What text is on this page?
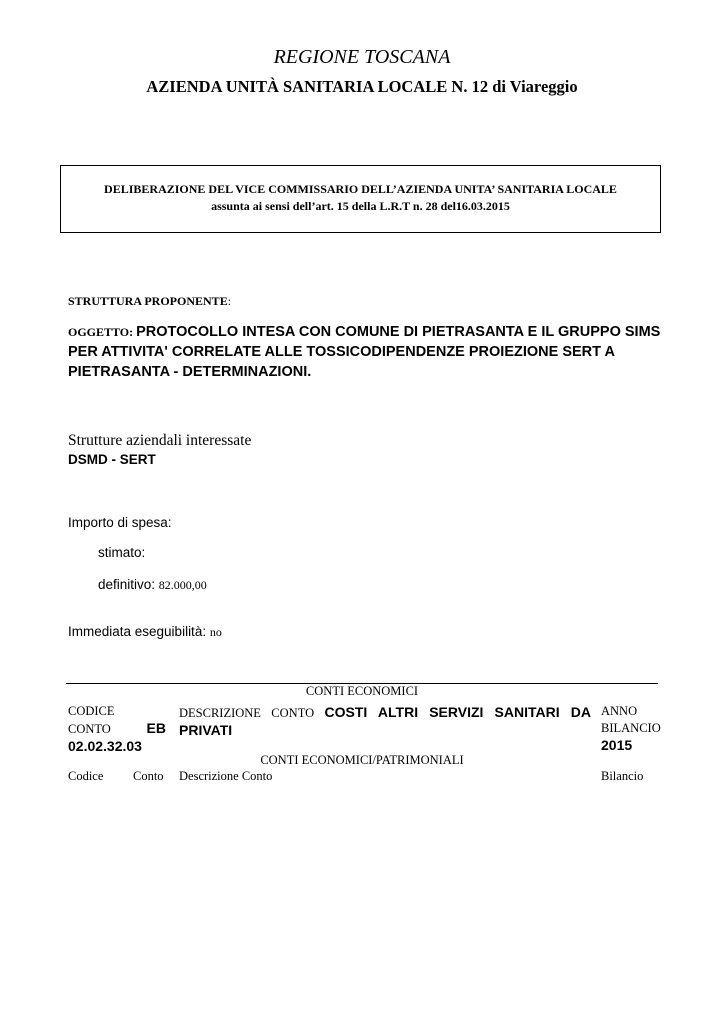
REGIONE TOSCANA
AZIENDA UNITÀ SANITARIA LOCALE N. 12 di Viareggio
DELIBERAZIONE DEL VICE COMMISSARIO DELL’AZIENDA UNITA’ SANITARIA LOCALE
assunta ai sensi dell’art. 15 della L.R.T n. 28 del16.03.2015
STRUTTURA PROPONENTE:
OGGETTO: PROTOCOLLO INTESA CON COMUNE DI PIETRASANTA E IL GRUPPO SIMS PER ATTIVITA' CORRELATE ALLE TOSSICODIPENDENZE PROIEZIONE SERT A PIETRASANTA - DETERMINAZIONI.
Strutture aziendali interessate
DSMD - SERT
Importo di spesa:
stimato:
definitivo: 82.000,00
Immediata eseguibilità: no
CONTI ECONOMICI
CODICE
CONTO	EB
02.02.32.03
DESCRIZIONE CONTO COSTI ALTRI SERVIZI SANITARI DA PRIVATI
ANNO
BILANCIO
2015
CONTI ECONOMICI/PATRIMONIALI
Codice Conto Descrizione Conto	Bilancio
